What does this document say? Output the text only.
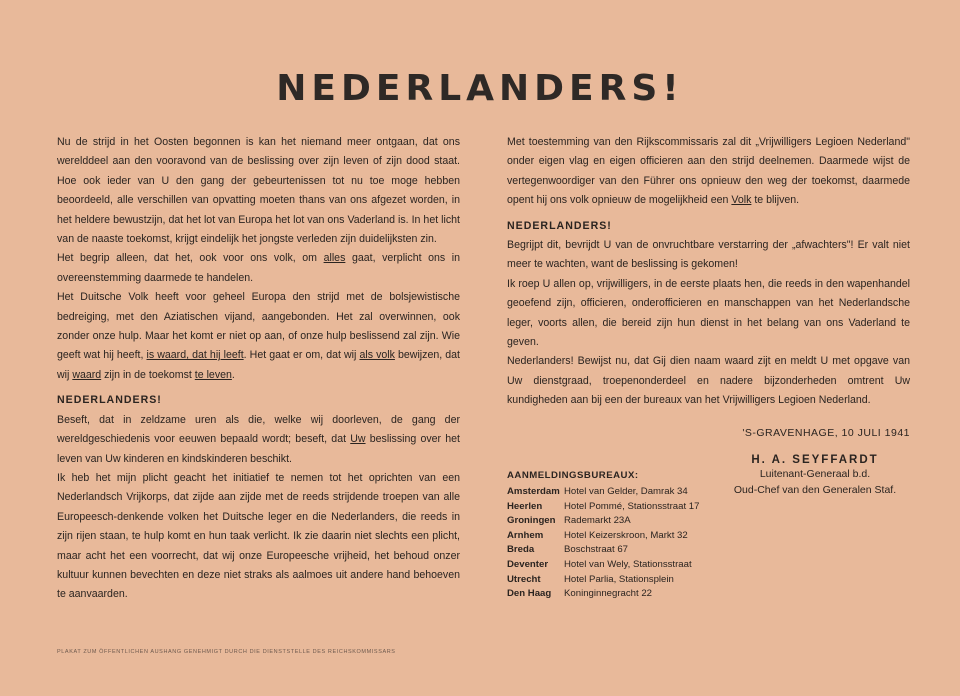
NEDERLANDERS!

Nu de strijd in het Oosten begonnen is kan het niemand meer ontgaan, dat ons werelddeel aan den vooravond van de beslissing over zijn leven of zijn dood staat. Hoe ook ieder van U den gang der gebeurtenissen tot nu toe moge hebben beoordeeld, alle verschillen van opvatting moeten thans van ons afgezet worden, in het heldere bewustzijn, dat het lot van Europa het lot van ons Vaderland is. In het licht van de naaste toekomst, krijgt eindelijk het jongste verleden zijn duidelijksten zin.

Het begrip alleen, dat het, ook voor ons volk, om alles gaat, verplicht ons in overeenstemming daarmede te handelen.

Het Duitsche Volk heeft voor geheel Europa den strijd met de bolsjewistische bedreiging, met den Aziatischen vijand, aangebonden. Het zal overwinnen, ook zonder onze hulp. Maar het komt er niet op aan, of onze hulp beslissend zal zijn. Wie geeft wat hij heeft, is waard, dat hij leeft. Het gaat er om, dat wij als volk bewijzen, dat wij waard zijn in de toekomst te leven.

NEDERLANDERS!

Beseft, dat in zeldzame uren als die, welke wij doorleven, de gang der wereldgeschiedenis voor eeuwen bepaald wordt; beseft, dat Uw beslissing over het leven van Uw kinderen en kindskinderen beschikt.

Ik heb het mijn plicht geacht het initiatief te nemen tot het oprichten van een Nederlandsch Vrijkorps, dat zijde aan zijde met de reeds strijdende troepen van alle Europeesch-denkende volken het Duitsche leger en die Nederlanders, die reeds in zijn rijen staan, te hulp komt en hun taak verlicht. Ik zie daarin niet slechts een plicht, maar acht het een voorrecht, dat wij onze Europeesche vrijheid, het behoud onzer kultuur kunnen bevechten en deze niet straks als aalmoes uit andere hand behoeven te aanvaarden.

Met toestemming van den Rijkscommissaris zal dit „Vrijwilligers Legioen Nederland" onder eigen vlag en eigen officieren aan den strijd deelnemen. Daarmede wijst de vertegenwoordiger van den Führer ons opnieuw den weg der toekomst, daarmede opent hij ons volk opnieuw de mogelijkheid een Volk te blijven.

NEDERLANDERS!

Begrijpt dit, bevrijdt U van de onvruchtbare verstarring der „afwachters"! Er valt niet meer te wachten, want de beslissing is gekomen!

Ik roep U allen op, vrijwilligers, in de eerste plaats hen, die reeds in den wapenhandel geoefend zijn, officieren, onderofficieren en manschappen van het Nederlandsche leger, voorts allen, die bereid zijn hun dienst in het belang van ons Vaderland te geven.

Nederlanders! Bewijst nu, dat Gij dien naam waard zijt en meldt U met opgave van Uw dienstgraad, troepenonderdeel en nadere bijzonderheden omtrent Uw kundigheden aan bij een der bureaux van het Vrijwilligers Legioen Nederland.

'S-GRAVENHAGE, 10 JULI 1941
AANMELDINGSBUREAUX:
Amsterdam Hotel van Gelder, Damrak 34
Heerlen	Hotel Pommé, Stationsstraat 17
Groningen Rademarkt 23A
Arnhem	Hotel Keizerskroon, Markt 32
Breda	Boschstraat 67
Deventer	Hotel van Wely, Stationsstraat
Utrecht	Hotel Parlia, Stationsplein
Den Haag	Koninginnegracht 22
H. A. SEYFFARDT
Luitenant-Generaal b.d.
Oud-Chef van den Generalen Staf.
PLAKAT ZUM ÖFFENTLICHEN AUSHANG GENEHMIGT DURCH DIE DIENSTSTELLE DES REICHSKOMMISSARS
